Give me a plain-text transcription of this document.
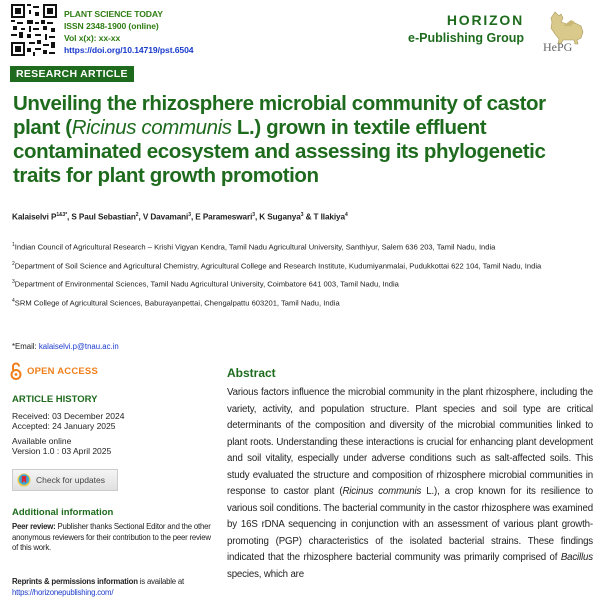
PLANT SCIENCE TODAY
ISSN 2348-1900 (online)
Vol x(x): xx-xx
https://doi.org/10.14719/pst.6504
RESEARCH ARTICLE
HORIZON
e-Publishing Group
HePG
Unveiling the rhizosphere microbial community of castor plant (Ricinus communis L.) grown in textile effluent contaminated ecosystem and assessing its phylogenetic traits for plant growth promotion
Kalaiselvi $P^{1\&3*}$, S Paul Sebastian$^2$, V Davamani$^3$, E Parameswari$^3$, K Suganya$^3$ & T Ilakiya$^4$
$^1$Indian Council of Agricultural Research – Krishi Vigyan Kendra, Tamil Nadu Agricultural University, Santhiyur, Salem 636 203, Tamil Nadu, India
$^2$Department of Soil Science and Agricultural Chemistry, Agricultural College and Research Institute, Kudumiyanmalai, Pudukkottai 622 104, Tamil Nadu, India
$^3$Department of Environmental Sciences, Tamil Nadu Agricultural University, Coimbatore 641 003, Tamil Nadu, India
$^4$SRM College of Agricultural Sciences, Baburayanpettai, Chengalpattu 603201, Tamil Nadu, India
*Email: kalaiselvi.p@tnau.ac.in
OPEN ACCESS
ARTICLE HISTORY
Received: 03 December 2024
Accepted: 24 January 2025
Available online
Version 1.0 : 03 April 2025
Check for updates
Additional information
Peer review: Publisher thanks Sectional Editor and the other anonymous reviewers for their contribution to the peer review of this work.
Reprints & permissions information is available at https://horizonepublishing.com/
Abstract
Various factors influence the microbial community in the plant rhizosphere, including the variety, activity, and population structure. Plant species and soil type are critical determinants of the composition and diversity of the microbial communities linked to plant roots. Understanding these interactions is crucial for enhancing plant development and soil vitality, especially under adverse conditions such as salt-affected soils. This study evaluated the structure and composition of rhizosphere microbial communities in response to castor plant (Ricinus communis L.), a crop known for its resilience to various soil conditions. The bacterial community in the castor rhizosphere was examined by 16S rDNA sequencing in conjunction with an assessment of various plant growth-promoting (PGP) characteristics of the isolated bacterial strains. These findings indicated that the rhizosphere bacterial community was primarily comprised of Bacillus species, which are
